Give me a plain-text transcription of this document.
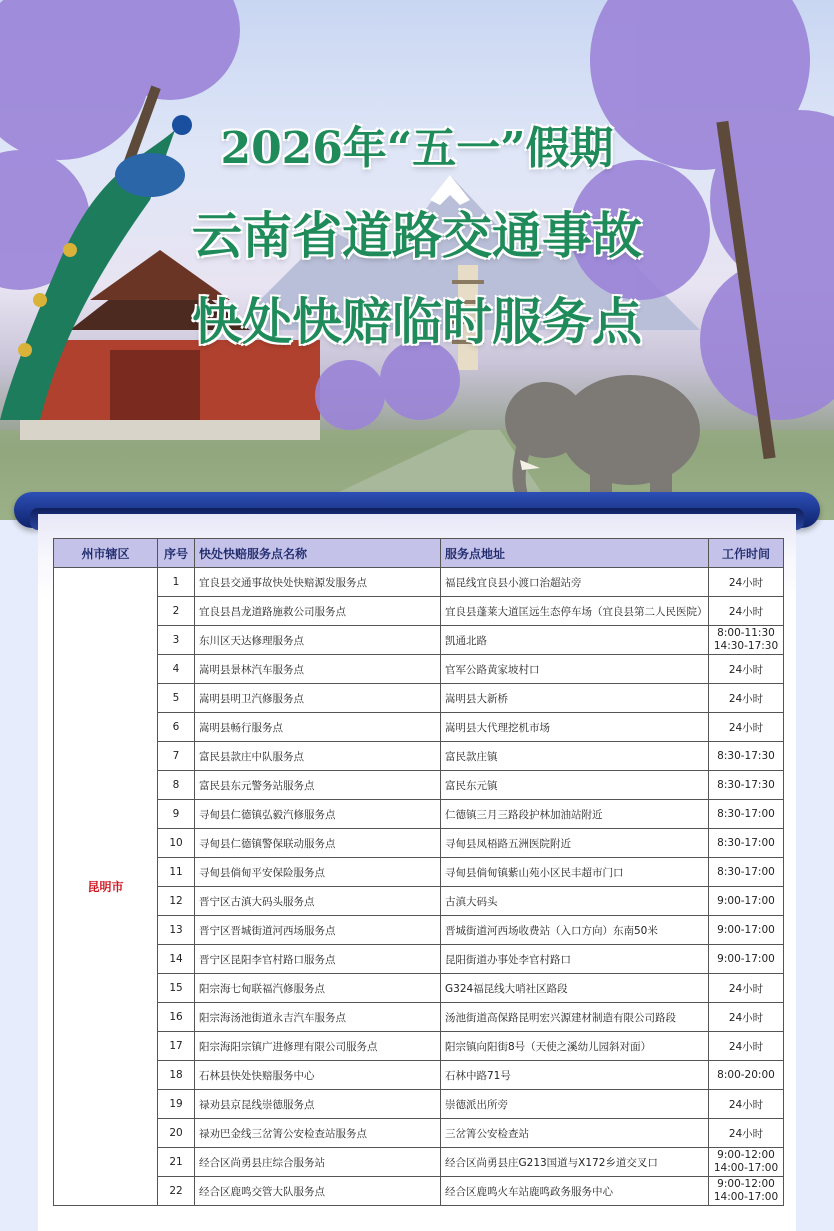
2026年“五一”假期
云南省道路交通事故
快处快赔临时服务点
州市辖区	序号	快处快赔服务点名称	服务点地址	工作时间
昆明市	1	宜良县交通事故快处快赔源发服务点	福昆线宜良县小渡口治超站旁	24小时
	2	宜良县昌龙道路施救公司服务点	宜良县蓬莱大道匡远生态停车场（宜良县第二人民医院）	24小时
	3	东川区天达修理服务点	凯通北路	8:00-11:30
14:30-17:30

	4	嵩明县景林汽车服务点	官军公路黄家坡村口	24小时
	5	嵩明县明卫汽修服务点	嵩明县大新桥	24小时
	6	嵩明县畅行服务点	嵩明县大代理挖机市场	24小时
	7	富民县款庄中队服务点	富民款庄镇	8:30-17:30
	8	富民县东元警务站服务点	富民东元镇	8:30-17:30
	9	寻甸县仁德镇弘毅汽修服务点	仁德镇三月三路段护林加油站附近	8:30-17:00
	10	寻甸县仁德镇警保联动服务点	寻甸县凤梧路五洲医院附近	8:30-17:00
	11	寻甸县倘甸平安保险服务点	寻甸县倘甸镇紫山苑小区民丰超市门口	8:30-17:00
	12	晋宁区古滇大码头服务点	古滇大码头	9:00-17:00
	13	晋宁区晋城街道河西场服务点	晋城街道河西场收费站（入口方向）东南50米	9:00-17:00
	14	晋宁区昆阳李官村路口服务点	昆阳街道办事处李官村路口	9:00-17:00
	15	阳宗海七甸联福汽修服务点	G324福昆线大哨社区路段	24小时
	16	阳宗海汤池街道永吉汽车服务点	汤池街道高保路昆明宏兴源建材制造有限公司路段	24小时
	17	阳宗海阳宗镇广进修理有限公司服务点	阳宗镇向阳街8号（天使之溪幼儿园斜对面）	24小时
	18	石林县快处快赔服务中心	石林中路71号	8:00-20:00
	19	禄劝县京昆线崇德服务点	崇德派出所旁	24小时
	20	禄劝巴金线三岔箐公安检查站服务点	三岔箐公安检查站	24小时
	21	经合区尚勇县庄综合服务站	经合区尚勇县庄G213国道与X172乡道交叉口	9:00-12:00
14:00-17:00

	22	经合区鹿鸣交管大队服务点	经合区鹿鸣火车站鹿鸣政务服务中心	9:00-12:00
14:00-17:00
